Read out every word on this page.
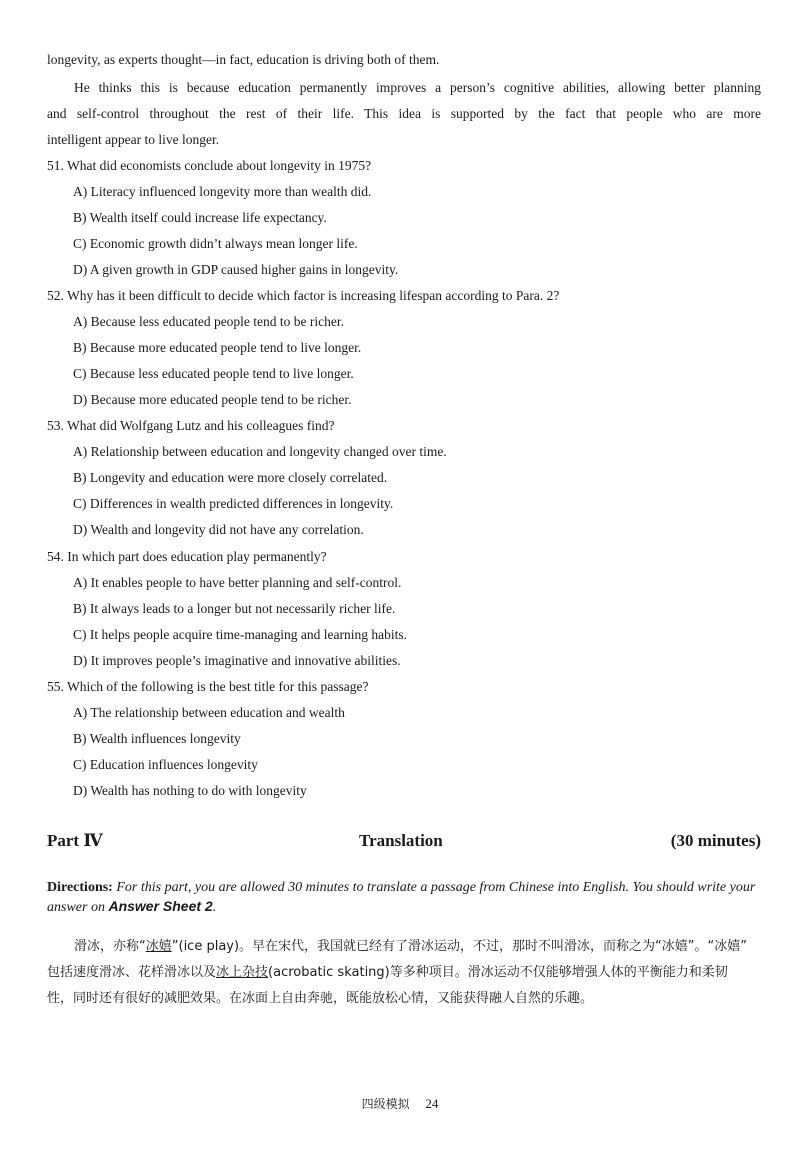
longevity, as experts thought—in fact, education is driving both of them.
He thinks this is because education permanently improves a person’s cognitive abilities, allowing better planning
and self-control throughout the rest of their life. This idea is supported by the fact that people who are more
intelligent appear to live longer.
51. What did economists conclude about longevity in 1975?
A) Literacy influenced longevity more than wealth did.
B) Wealth itself could increase life expectancy.
C) Economic growth didn’t always mean longer life.
D) A given growth in GDP caused higher gains in longevity.
52. Why has it been difficult to decide which factor is increasing lifespan according to Para. 2?
A) Because less educated people tend to be richer.
B) Because more educated people tend to live longer.
C) Because less educated people tend to live longer.
D) Because more educated people tend to be richer.
53. What did Wolfgang Lutz and his colleagues find?
A) Relationship between education and longevity changed over time.
B) Longevity and education were more closely correlated.
C) Differences in wealth predicted differences in longevity.
D) Wealth and longevity did not have any correlation.
54. In which part does education play permanently?
A) It enables people to have better planning and self-control.
B) It always leads to a longer but not necessarily richer life.
C) It helps people acquire time-managing and learning habits.
D) It improves people’s imaginative and innovative abilities.
55. Which of the following is the best title for this passage?
A) The relationship between education and wealth
B) Wealth influences longevity
C) Education influences longevity
D) Wealth has nothing to do with longevity
Part Ⅳ	Translation	(30 minutes)
Directions: For this part, you are allowed 30 minutes to translate a passage from Chinese into English. You should write your answer on Answer Sheet 2.
滑冰，亦称“冰嬉”(ice play)。早在宋代，我国就已经有了滑冰运动，不过，那时不叫滑冰，而称之为“冰嬉”。“冰嬉”
包括速度滑冰、花样滑冰以及冰上杂技(acrobatic skating)等多种项目。滑冰运动不仅能够增强人体的平衡能力和柔韧
性，同时还有很好的减肥效果。在冰面上自由奔驰，既能放松心情，又能获得融人自然的乐趣。
四级模拟 24
